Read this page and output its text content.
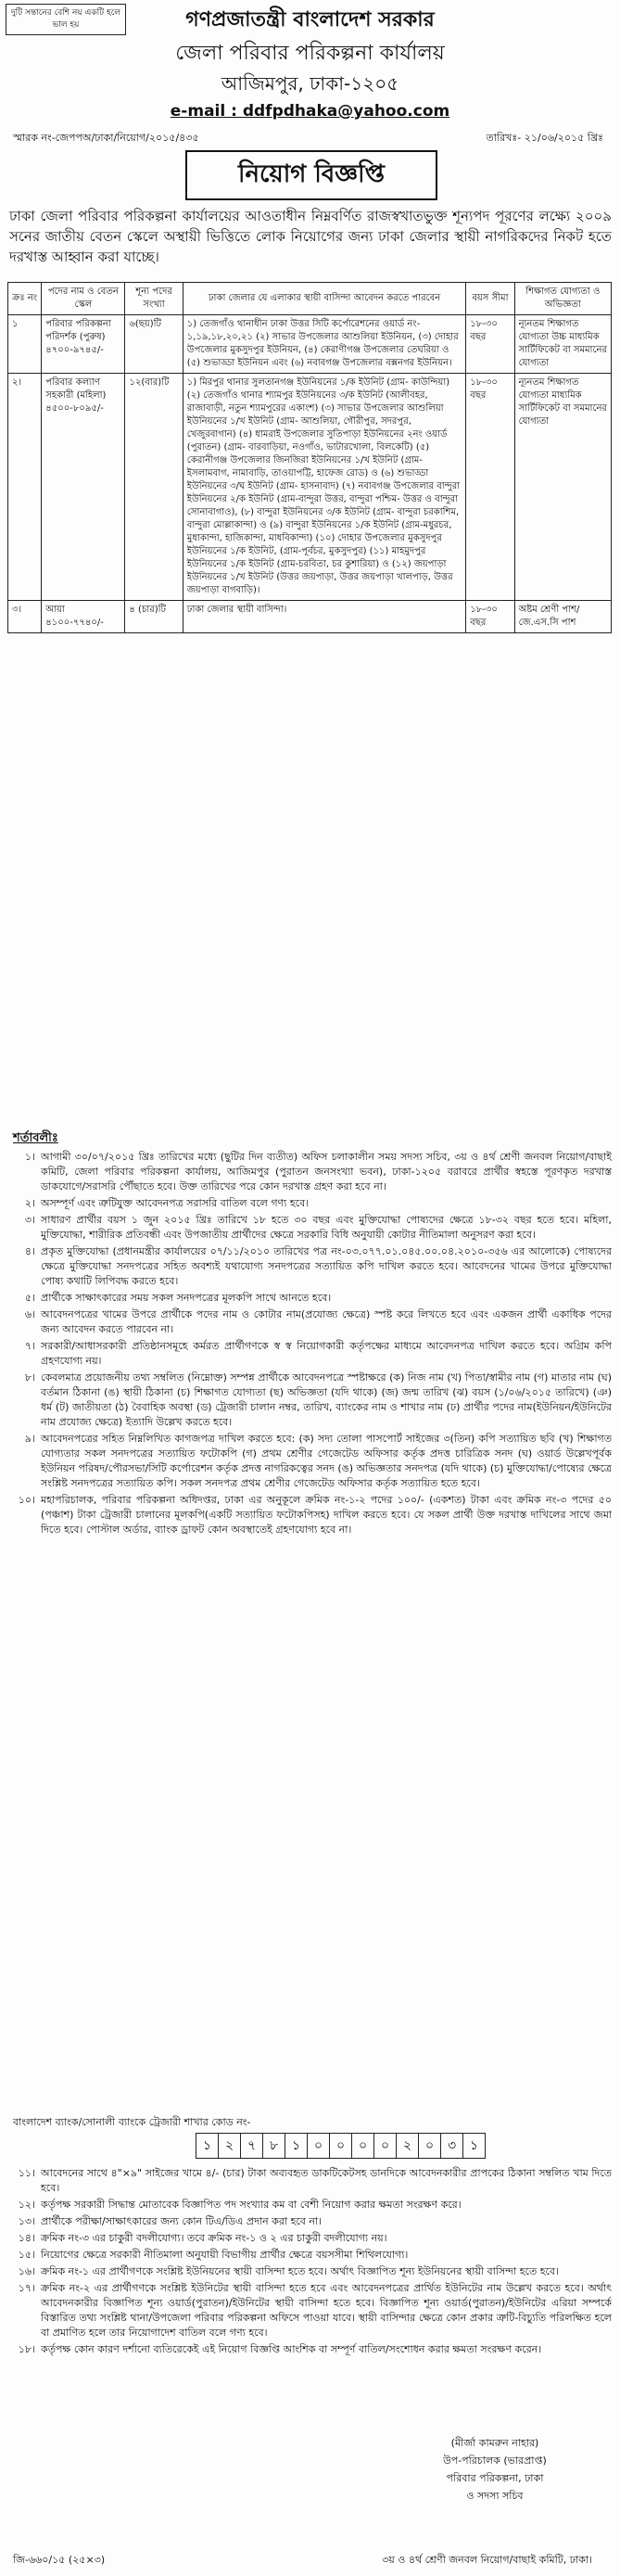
দুটি সন্তানের বেশি নয় একটি হলে ভাল হয়	গণপ্রজাতন্ত্রী বাংলাদেশ সরকার
জেলা পরিবার পরিকল্পনা কার্যালয়
আজিমপুর, ঢাকা-১২০৫
e-mail : ddfpdhaka@yahoo.com
স্মারক নং-জেপপঅ/ঢাকা/নিয়োগ/২০১৫/৪৩৫	তারিখঃ- ২১/০৬/২০১৫ খ্রিঃ
নিয়োগ বিজ্ঞপ্তি
ঢাকা জেলা পরিবার পরিকল্পনা কার্যালয়ের আওতাধীন নিম্নবর্ণিত রাজস্বখাতভুক্ত শূন্যপদ পূরণের লক্ষ্যে ২০০৯ সনের জাতীয় বেতন স্কেলে অস্থায়ী ভিত্তিতে লোক নিয়োগের জন্য ঢাকা জেলার স্থায়ী নাগরিকদের নিকট হতে দরখাস্ত আহ্বান করা যাচ্ছে।
ক্রঃ নং	পদের নাম ও বেতন স্কেল	শূন্য পদের সংখ্যা	ঢাকা জেলার যে এলাকার স্থায়ী বাসিন্দা আবেদন করতে পারবেন	বয়স সীমা	শিক্ষাগত যোগ্যতা ও অভিজ্ঞতা
১	পরিবার পরিকল্পনা পরিদর্শক (পুরুষ) ৪৭০০-৯৭৪৫/-	৬(ছয়)টি	১) তেজগাঁও থানাধীন ঢাকা উত্তর সিটি কর্পোরেশনের ওয়ার্ড নং- ১,১৯,১৮,২০,২১ (২) সাভার উপজেলার আশুলিয়া ইউনিয়ন, (৩) দোহার উপজেলার মুকসুদপুর ইউনিয়ন, (৪) কেরাণীগঞ্জ উপজেলার তেঘরিয়া ও (৫) শুভাড্ডা ইউনিয়ন এবং (৬) নবাবগঞ্জ উপজেলার বক্সনগর ইউনিয়ন।	১৮-৩০ বছর	ন্যূনতম শিক্ষাগত যোগ্যতা উচ্চ মাধ্যমিক সার্টিফিকেট বা সমমানের যোগ্যতা
২।	পরিবার কল্যাণ সহকারী (মহিলা) ৪৫০০-৮০৯৫/-	১২(বার)টি	১) মিরপুর থানার সুলতানগঞ্জ ইউনিয়নের ১/ক ইউনিট (গ্রাম- কাউন্দিয়া) (২) তেজগাঁও থানার শ্যামপুর ইউনিয়নের ৩/ক ইউনিট (আলীবহর, রাজাবাড়ী, নতুন শ্যামপুরের একাংশ) (৩) সাভার উপজেলার আশুলিয়া ইউনিয়নের ১/খ ইউনিট (গ্রাম- আশুলিয়া, গৌরীপুর, সদরপুর, খেজুরবাগান) (৪) ধামরাই উপজেলার সুতিপাড়া ইউনিয়নের ২নং ওয়ার্ড (পুরাতন) (গ্রাম- বারবাড়িয়া, নওগাঁও, ভাটারখোলা, বিলকেটি) (৫) কেরানীগঞ্জ উপজেলার জিনজিরা ইউনিয়নের ১/খ ইউনিট (গ্রাম- ইসলামবাগ, নামাবাড়ি, তাওয়াপট্টি, হাফেজ রোড) ও (৬) শুভাড্ডা ইউনিয়নের ৩/ঘ ইউনিট (গ্রাম- হাসনাবাদ) (৭) নবাবগঞ্জ উপজেলার বান্দুরা ইউনিয়নের ২/ক ইউনিট (গ্রাম-বান্দুরা উত্তর, বান্দুরা পশ্চিম- উত্তর ও বান্দুরা সোনাবাগাও), (৮) বান্দুরা ইউনিয়নের ৩/ক ইউনিট (গ্রাম- বান্দুরা চরকাশিম, বান্দুরা মোল্লাকান্দা) ও (৯) বান্দুরা ইউনিয়নের ১/ক ইউনিট (গ্রাম-মধুরচর, মুধাকান্দা, হাজিকান্দা, মাধবিকান্দা) (১০) দোহার উপজেলার মুকসুদপুর ইউনিয়নের ১/ক ইউনিট, (গ্রাম-পূর্বচর, মুকসুদপুর) (১১) মাহমুদপুর ইউনিয়নের ১/ক ইউনিট (গ্রাম-চরবিতা, চর কুশারিয়া) ও (১২) জয়পাড়া ইউনিয়নের ১/খ ইউনিট (উত্তর জয়পাড়া, উত্তর জয়পাড়া খালপাড়, উত্তর জয়পাড়া বাগবাড়ি)।	১৮-৩০ বছর	ন্যূনতম শিক্ষাগত যোগ্যতা মাধ্যমিক সার্টিফিকেট বা সমমানের যোগ্যতা
৩।	আয়া ৪১০০-৭৭৪০/-	৪ (চার)টি	ঢাকা জেলার স্থায়ী বাসিন্দা।	১৮-৩০ বছর	অষ্টম শ্রেণী পাশ/ জে.এস.সি পাশ
শর্তাবলীঃ
১। আগামী ৩০/০৭/২০১৫ খ্রিঃ তারিখের মধ্যে (ছুটির দিন ব্যতীত) অফিস চলাকালীন সময় সদস্য সচিব, ৩য় ও ৪র্থ শ্রেণী জনবল নিয়োগ/বাছাই কমিটি, জেলা পরিবার পরিকল্পনা কার্যালয়, আজিমপুর (পুরাতন জনসংখ্যা ভবন), ঢাকা-১২০৫ বরাবরে প্রার্থীর স্বহস্তে পূরণকৃত দরখাস্ত ডাকযোগে/সরাসরি পৌঁছাতে হবে। উক্ত তারিখের পরে কোন দরখাস্ত গ্রহণ করা হবে না।
২। অসম্পূর্ণ এবং ত্রুটিযুক্ত আবেদনপত্র সরাসরি বাতিল বলে গণ্য হবে।
৩। সাধারণ প্রার্থীর বয়স ১ জুন ২০১৫ খ্রিঃ তারিখে ১৮ হতে ৩০ বছর এবং মুক্তিযোদ্ধা পোষ্যদের ক্ষেত্রে ১৮-৩২ বছর হতে হবে। মহিলা, মুক্তিযোদ্ধা, শারীরিক প্রতিবন্ধী এবং উপজাতীয় প্রার্থীদের ক্ষেত্রে সরকারি বিধি অনুযায়ী কোটার নীতিমালা অনুসরণ করা হবে।
৪। প্রকৃত মুক্তিযোদ্ধা (প্রধানমন্ত্রীর কার্যালয়ের ০৭/১১/২০১০ তারিখের পত্র নং-০৩.০৭৭.০১.০৪৫.০০.০৪.২০১০-৩৫৬ এর আলোকে) পোষ্যদের ক্ষেত্রে মুক্তিযোদ্ধা সনদপত্রের সহিত অবশ্যই যথাযোগ্য সনদপত্রের সত্যায়িত কপি দাখিল করতে হবে। আবেদনের খামের উপরে মুক্তিযোদ্ধা পোষ্য কথাটি লিপিবদ্ধ করতে হবে।
৫। প্রার্থীকে সাক্ষাৎকারের সময় সকল সনদপত্রের মূলকপি সাথে আনতে হবে।
৬। আবেদনপত্রের খামের উপরে প্রার্থীকে পদের নাম ও কোটার নাম(প্রযোজ্য ক্ষেত্রে) স্পষ্ট করে লিখতে হবে এবং একজন প্রার্থী একাধিক পদের জন্য আবেদন করতে পারবেন না।
৭। সরকারী/আধাসরকারী প্রতিষ্ঠানসমূহে কর্মরত প্রার্থীগণকে স্ব স্ব নিয়োগকারী কর্তৃপক্ষের মাধ্যমে আবেদনপত্র দাখিল করতে হবে। অগ্রিম কপি গ্রহণযোগ্য নয়।
৮। কেবলমাত্র প্রয়োজনীয় তথ্য সম্বলিত (নিম্নোক্ত) সম্পন্ন প্রার্থীকে আবেদনপত্রে স্পষ্টাক্ষরে (ক) নিজ নাম (খ) পিতা/স্বামীর নাম (গ) মাতার নাম (ঘ) বর্তমান ঠিকানা (ঙ) স্থায়ী ঠিকানা (চ) শিক্ষাগত যোগ্যতা (ছ) অভিজ্ঞতা (যদি থাকে) (জ) জন্ম তারিখ (ঝ) বয়স (১/০৬/২০১৫ তারিখে) (ঞ) ধর্ম (ট) জাতীয়তা (ঠ) বৈবাহিক অবস্থা (ড) ট্রেজারী চালান নম্বর, তারিখ, ব্যাংকের নাম ও শাখার নাম (ঢ) প্রার্থীর পদের নাম(ইউনিয়ন/ইউনিটের নাম প্রযোজ্য ক্ষেত্রে) ইত্যাদি উল্লেখ করতে হবে।
৯। আবেদনপত্রের সহিত নিম্নলিখিত কাগজপত্র দাখিল করতে হবে: (ক) সদ্য তোলা পাসপোর্ট সাইজের ৩(তিন) কপি সত্যায়িত ছবি (খ) শিক্ষাগত যোগ্যতার সকল সনদপত্রের সত্যায়িত ফটোকপি (গ) প্রথম শ্রেণীর গেজেটেড অফিসার কর্তৃক প্রদত্ত চারিত্রিক সনদ (ঘ) ওয়ার্ড উল্লেখপূর্বক ইউনিয়ন পরিষদ/পৌরসভা/সিটি কর্পোরেশন কর্তৃক প্রদত্ত নাগরিকত্বের সনদ (ঙ) অভিজ্ঞতার সনদপত্র (যদি থাকে) (চ) মুক্তিযোদ্ধা/পোষ্যের ক্ষেত্রে সংশ্লিষ্ট সনদপত্রের সত্যায়িত কপি। সকল সনদপত্র প্রথম শ্রেণীর গেজেটেড অফিসার কর্তৃক সত্যায়িত হতে হবে।
১০। মহাপরিচালক, পরিবার পরিকল্পনা অধিদপ্তর, ঢাকা এর অনুকূলে ক্রমিক নং-১-২ পদের ১০০/- (একশত) টাকা এবং ক্রমিক নং-৩ পদের ৫০ (পঞ্চাশ) টাকা ট্রেজারী চালানের মূলকপি(একটি সত্যায়িত ফটোকপিসহ) দাখিল করতে হবে। যে সকল প্রার্থী উক্ত দরখাস্ত দাখিলের সাথে জমা দিতে হবে। পোস্টাল অর্ডার, ব্যাংক ড্রাফট কোন অবস্থাতেই গ্রহণযোগ্য হবে না।
বাংলাদেশ ব্যাংক/সোনালী ব্যাংকে ট্রেজারী শাখার কোড নং-
১	২	৭	৮	১	০	০	০	০	২	০	৩	১
১১। আবেদনের সাথে ৪"×৯" সাইজের খামে ৪/- (চার) টাকা অব্যবহৃত ডাকটিকেটসহ ডানদিকে আবেদনকারীর প্রাপকের ঠিকানা সম্বলিত খাম দিতে হবে।
১২। কর্তৃপক্ষ সরকারী সিদ্ধান্ত মোতাবেক বিজ্ঞাপিত পদ সংখ্যার কম বা বেশী নিয়োগ করার ক্ষমতা সংরক্ষণ করে।
১৩। প্রার্থীকে পরীক্ষা/সাক্ষাৎকারের জন্য কোন টিএ/ডিএ প্রদান করা হবে না।
১৪। ক্রমিক নং-৩ এর চাকুরী বদলীযোগ্য। তবে ক্রমিক নং-১ ও ২ এর চাকুরী বদলীযোগ্য নয়।
১৫। নিয়োগের ক্ষেত্রে সরকারী নীতিমালা অনুযায়ী বিভাগীয় প্রার্থীর ক্ষেত্রে বয়সসীমা শিথিলযোগ্য।
১৬। ক্রমিক নং-১ এর প্রার্থীগণকে সংশ্লিষ্ট ইউনিয়নের স্থায়ী বাসিন্দা হতে হবে। অর্থাৎ বিজ্ঞাপিত শূন্য ইউনিয়নের স্থায়ী বাসিন্দা হতে হবে।
১৭। ক্রমিক নং-২ এর প্রার্থীগণকে সংশ্লিষ্ট ইউনিটের স্থায়ী বাসিন্দা হতে হবে এবং আবেদনপত্রের প্রার্থিত ইউনিটের নাম উল্লেখ করতে হবে। অর্থাৎ আবেদনকারীর বিজ্ঞাপিত শূন্য ওয়ার্ড(পুরাতন)/ইউনিটের স্থায়ী বাসিন্দা হতে হবে। বিজ্ঞাপিত শূন্য ওয়ার্ড(পুরাতন)/ইউনিটের এরিয়া সম্পর্কে বিস্তারিত তথ্য সংশ্লিষ্ট থানা/উপজেলা পরিবার পরিকল্পনা অফিসে পাওয়া যাবে। স্থায়ী বাসিন্দার ক্ষেত্রে কোন প্রকার ত্রুটি-বিচ্যুতি পরিলক্ষিত হলে বা প্রমাণিত হলে তার নিয়োগাদেশ বাতিল বলে গণ্য হবে।
১৮। কর্তৃপক্ষ কোন কারণ দর্শানো ব্যতিরেকেই এই নিয়োগ বিজ্ঞপ্তি আংশিক বা সম্পূর্ণ বাতিল/সংশোধন করার ক্ষমতা সংরক্ষণ করেন।
(মীর্জা কামরুন নাহার)
উপ-পরিচালক (ভারপ্রাপ্ত)
পরিবার পরিকল্পনা, ঢাকা
ও সদস্য সচিব
জি-৬৬০/১৫ (২৫×৩)	৩য় ও ৪র্থ শ্রেণী জনবল নিয়োগ/বাছাই কমিটি, ঢাকা।
